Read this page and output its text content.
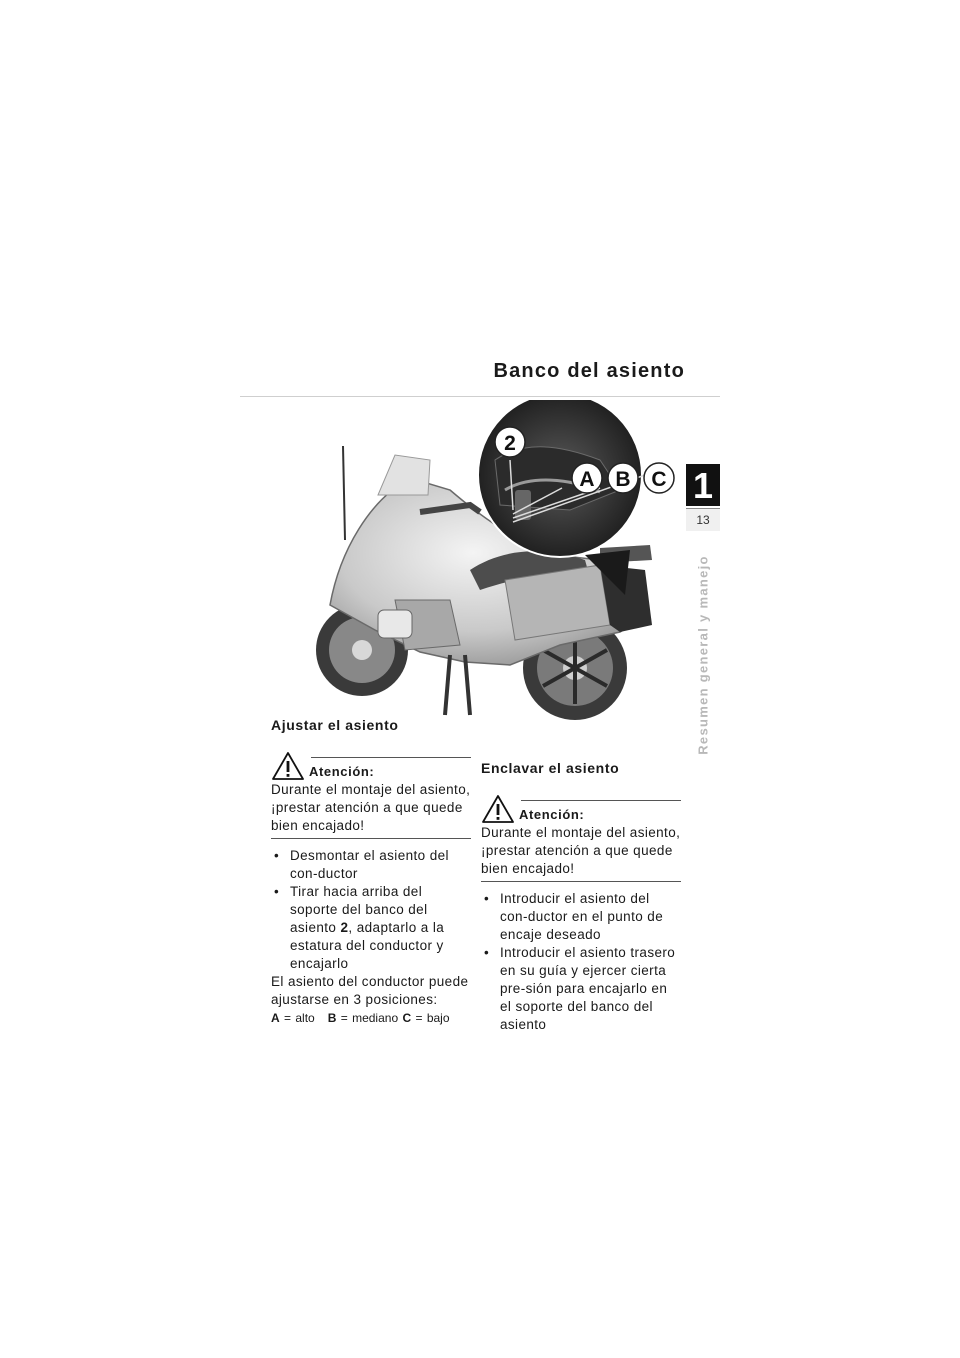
Banco del asiento
1
13
Resumen general y manejo
2
A B C
Ajustar el asiento
Atención:

Durante el montaje del asiento, ¡prestar atención a que quede bien encajado!

• Desmontar el asiento del con-ductor
• Tirar hacia arriba del soporte del banco del asiento 2, adaptarlo a la estatura del conductor y encajarlo

El asiento del conductor puede ajustarse en 3 posiciones:

A = alto B = mediano C = bajo

Enclavar el asiento
Atención:

Durante el montaje del asiento, ¡prestar atención a que quede bien encajado!

• Introducir el asiento del con-ductor en el punto de encaje deseado
• Introducir el asiento trasero en su guía y ejercer cierta pre-sión para encajarlo en el soporte del banco del asiento
